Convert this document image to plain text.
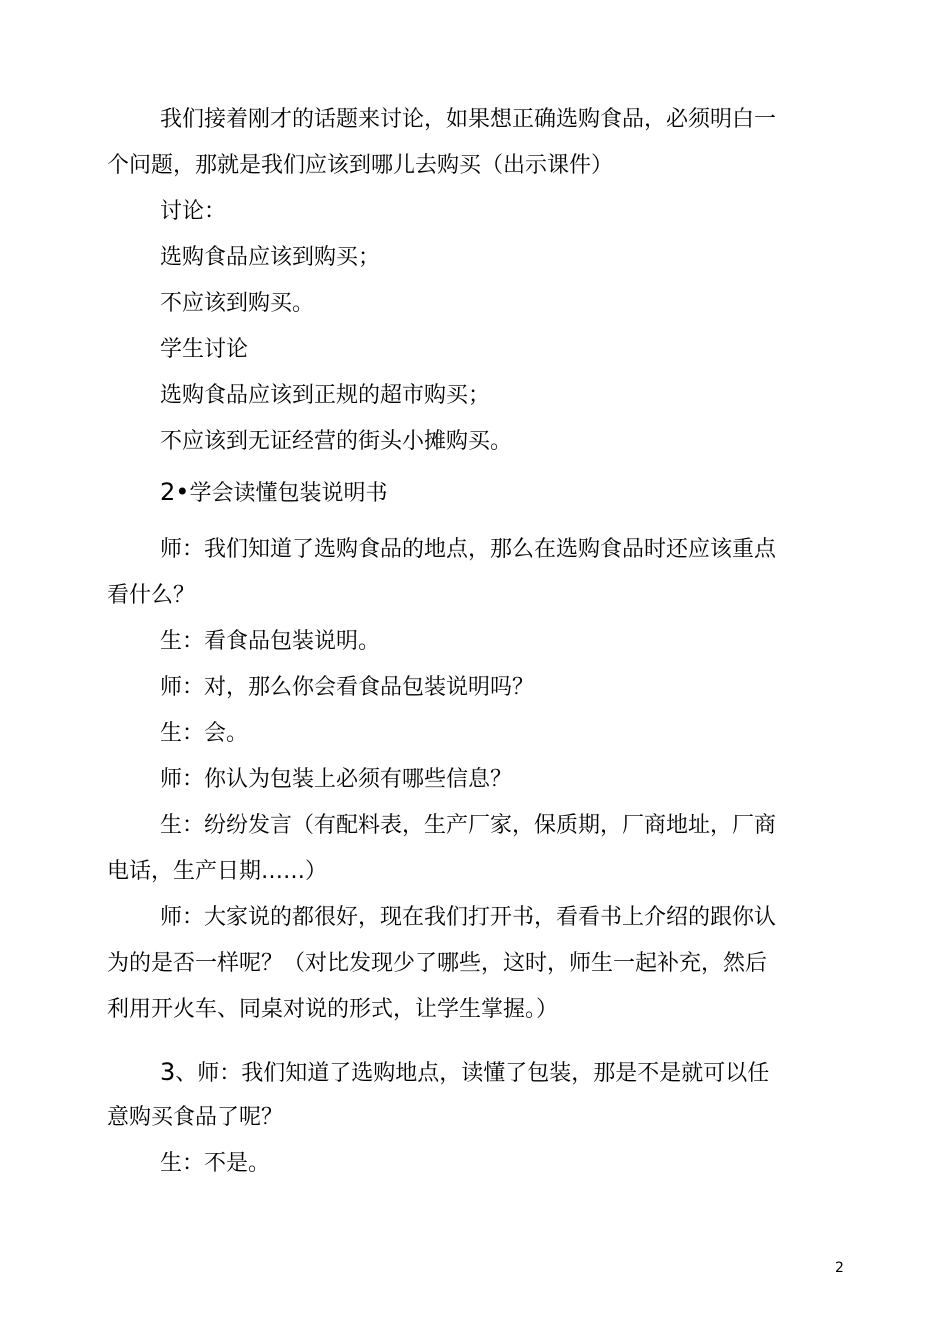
我们接着刚才的话题来讨论，如果想正确选购食品，必须明白一
个问题，那就是我们应该到哪儿去购买（出示课件）
讨论：
选购食品应该到购买；
不应该到购买。
学生讨论
选购食品应该到正规的超市购买；
不应该到无证经营的街头小摊购买。
2•学会读懂包装说明书
师：我们知道了选购食品的地点，那么在选购食品时还应该重点
看什么？
生：看食品包装说明。
师：对，那么你会看食品包装说明吗？
生：会。
师：你认为包装上必须有哪些信息？
生：纷纷发言（有配料表，生产厂家，保质期，厂商地址，厂商
电话，生产日期……）
师：大家说的都很好，现在我们打开书，看看书上介绍的跟你认
为的是否一样呢？（对比发现少了哪些，这时，师生一起补充，然后
利用开火车、同桌对说的形式，让学生掌握。）
3、师：我们知道了选购地点，读懂了包装，那是不是就可以任
意购买食品了呢？
生：不是。
2
